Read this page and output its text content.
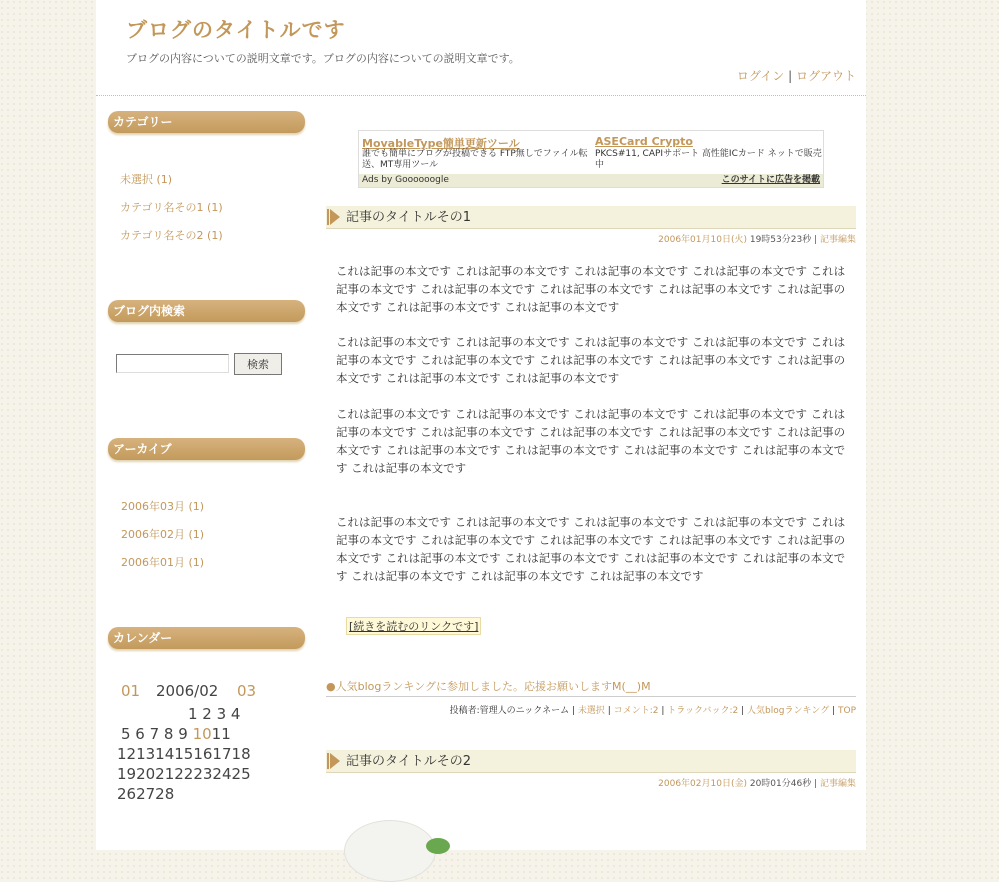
ブログのタイトルです
ブログの内容についての説明文章です。ブログの内容についての説明文章です。
ログイン | ログアウト
カテゴリー
未選択 (1)
カテゴリ名その1 (1)
カテゴリ名その2 (1)
ブログ内検索
検索
アーカイブ
2006年03月 (1)
2006年02月 (1)
2006年01月 (1)
カレンダー
01 2006/02 03
1 2 3 4
5 6 7 8 9 1011
12131415161718
19202122232425
262728
MovableType簡単更新ツール
誰でも簡単にブログが投稿できる FTP無しでファイル転送、MT専用ツール
ASECard Crypto
PKCS#11, CAPIサポート 高性能ICカード ネットで販売中
Ads by Goooooogle	このサイトに広告を掲載
記事のタイトルその1
2006年01月10日(火) 19時53分23秒 | 記事編集

これは記事の本文です これは記事の本文です これは記事の本文です これは記事の本文です これは記事の本文です これは記事の本文です これは記事の本文です これは記事の本文です これは記事の本文です これは記事の本文です これは記事の本文です

これは記事の本文です これは記事の本文です これは記事の本文です これは記事の本文です これは記事の本文です これは記事の本文です これは記事の本文です これは記事の本文です これは記事の本文です これは記事の本文です これは記事の本文です

これは記事の本文です これは記事の本文です これは記事の本文です これは記事の本文です これは記事の本文です これは記事の本文です これは記事の本文です これは記事の本文です これは記事の本文です これは記事の本文です これは記事の本文です これは記事の本文です これは記事の本文です これは記事の本文です

これは記事の本文です これは記事の本文です これは記事の本文です これは記事の本文です これは記事の本文です これは記事の本文です これは記事の本文です これは記事の本文です これは記事の本文です これは記事の本文です これは記事の本文です これは記事の本文です これは記事の本文です これは記事の本文です これは記事の本文です これは記事の本文です

[続きを読むのリンクです]
●人気blogランキングに参加しました。応援お願いしますM(__)M
投稿者:管理人のニックネーム | 未選択 | コメント:2 | トラックバック:2 | 人気blogランキング | TOP
記事のタイトルその2
2006年02月10日(金) 20時01分46秒 | 記事編集
